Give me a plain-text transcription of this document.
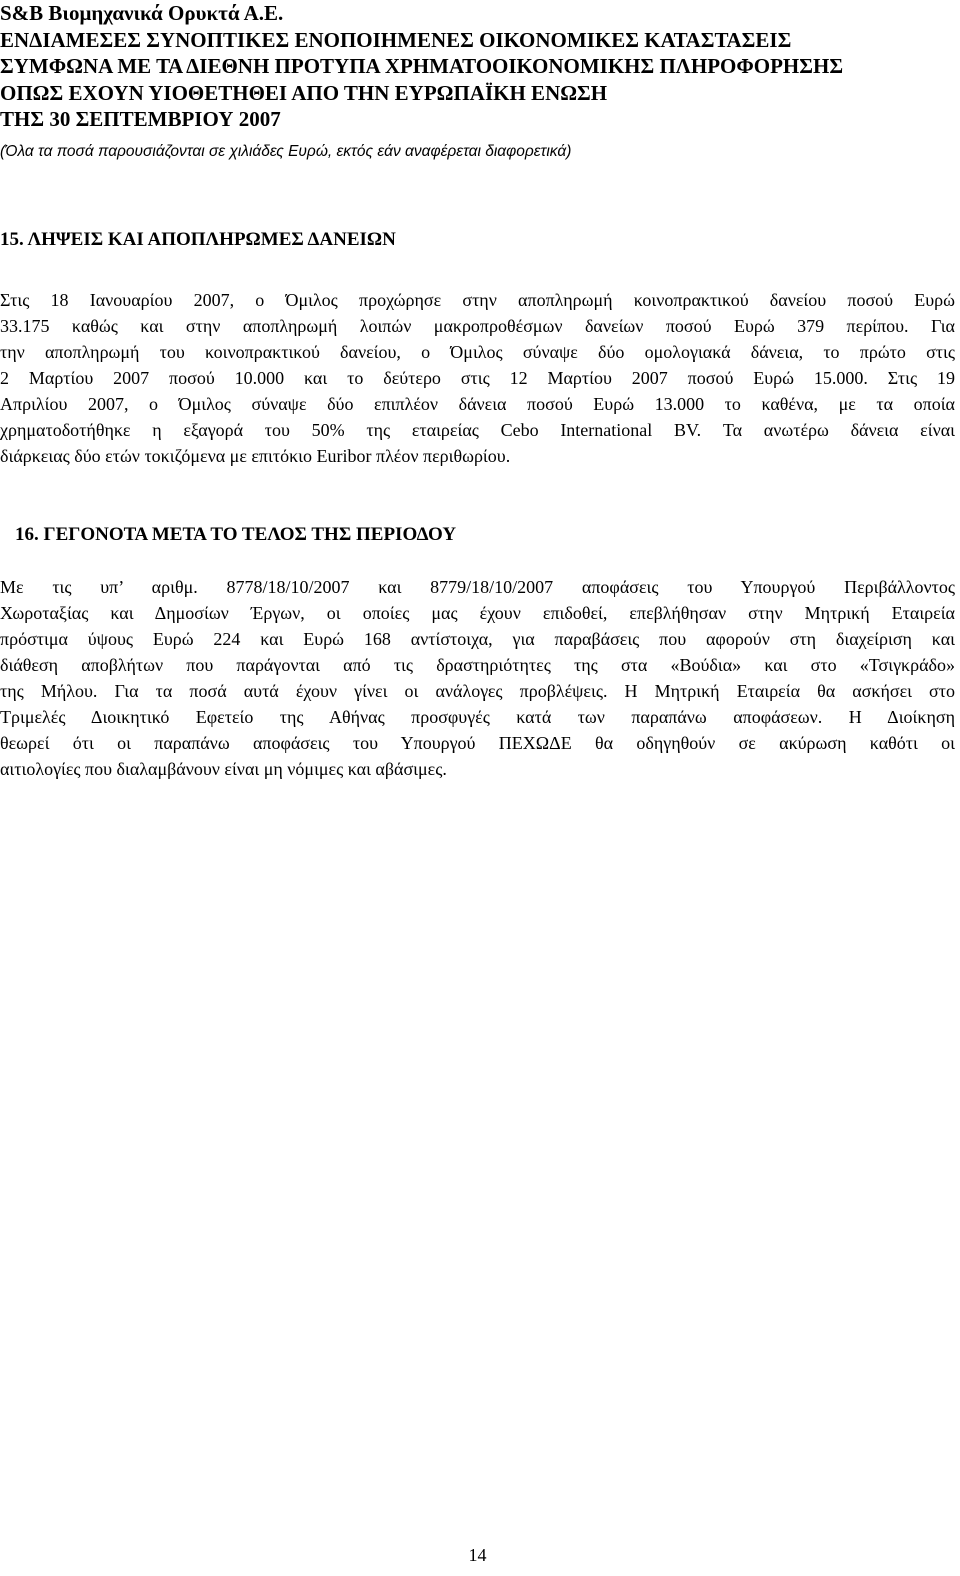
S&B Βιομηχανικά Ορυκτά Α.Ε.
ΕΝΔΙΑΜΕΣΕΣ ΣΥΝΟΠΤΙΚΕΣ ΕΝΟΠΟΙΗΜΕΝΕΣ ΟΙΚΟΝΟΜΙΚΕΣ ΚΑΤΑΣΤΑΣΕΙΣ
ΣΥΜΦΩΝΑ ΜΕ ΤΑ ΔΙΕΘΝΗ ΠΡΟΤΥΠΑ ΧΡΗΜΑΤΟΟΙΚΟΝΟΜΙΚΗΣ ΠΛΗΡΟΦΟΡΗΣΗΣ
ΟΠΩΣ ΕΧΟΥΝ ΥΙΟΘΕΤΗΘΕΙ ΑΠΟ ΤΗΝ ΕΥΡΩΠΑΪΚΗ ΕΝΩΣΗ
ΤΗΣ 30 ΣΕΠΤΕΜΒΡΙΟΥ 2007
(Όλα τα ποσά παρουσιάζονται σε χιλιάδες Ευρώ, εκτός εάν αναφέρεται διαφορετικά)
15. ΛΗΨΕΙΣ ΚΑΙ ΑΠΟΠΛΗΡΩΜΕΣ ΔΑΝΕΙΩΝ
Στις 18 Ιανουαρίου 2007, ο Όμιλος προχώρησε στην αποπληρωμή κοινοπρακτικού δανείου ποσού Ευρώ
33.175 καθώς και στην αποπληρωμή λοιπών μακροπροθέσμων δανείων ποσού Ευρώ 379 περίπου. Για
την αποπληρωμή του κοινοπρακτικού δανείου, ο Όμιλος σύναψε δύο ομολογιακά δάνεια, το πρώτο στις
2 Μαρτίου 2007 ποσού 10.000 και το δεύτερο στις 12 Μαρτίου 2007 ποσού Ευρώ 15.000. Στις 19
Απριλίου 2007, ο Όμιλος σύναψε δύο επιπλέον δάνεια ποσού Ευρώ 13.000 το καθένα, με τα οποία
χρηματοδοτήθηκε η εξαγορά του 50% της εταιρείας Cebo International BV. Τα ανωτέρω δάνεια είναι
διάρκειας δύο ετών τοκιζόμενα με επιτόκιο Euribor πλέον περιθωρίου.
16. ΓΕΓΟΝΟΤΑ ΜΕΤΑ ΤΟ ΤΕΛΟΣ ΤΗΣ ΠΕΡΙΟΔΟΥ
Με τις υπ’ αριθμ. 8778/18/10/2007 και 8779/18/10/2007 αποφάσεις του Υπουργού Περιβάλλοντος
Χωροταξίας και Δημοσίων Έργων, οι οποίες μας έχουν επιδοθεί, επεβλήθησαν στην Μητρική Εταιρεία
πρόστιμα ύψους Ευρώ 224 και Ευρώ 168 αντίστοιχα, για παραβάσεις που αφορούν στη διαχείριση και
διάθεση αποβλήτων που παράγονται από τις δραστηριότητες της στα «Βούδια» και στο «Τσιγκράδο»
της Μήλου. Για τα ποσά αυτά έχουν γίνει οι ανάλογες προβλέψεις. Η Μητρική Εταιρεία θα ασκήσει στο
Τριμελές Διοικητικό Εφετείο της Αθήνας προσφυγές κατά των παραπάνω αποφάσεων. Η Διοίκηση
θεωρεί ότι οι παραπάνω αποφάσεις του Υπουργού ΠΕΧΩΔΕ θα οδηγηθούν σε ακύρωση καθότι οι
αιτιολογίες που διαλαμβάνουν είναι μη νόμιμες και αβάσιμες.
14
